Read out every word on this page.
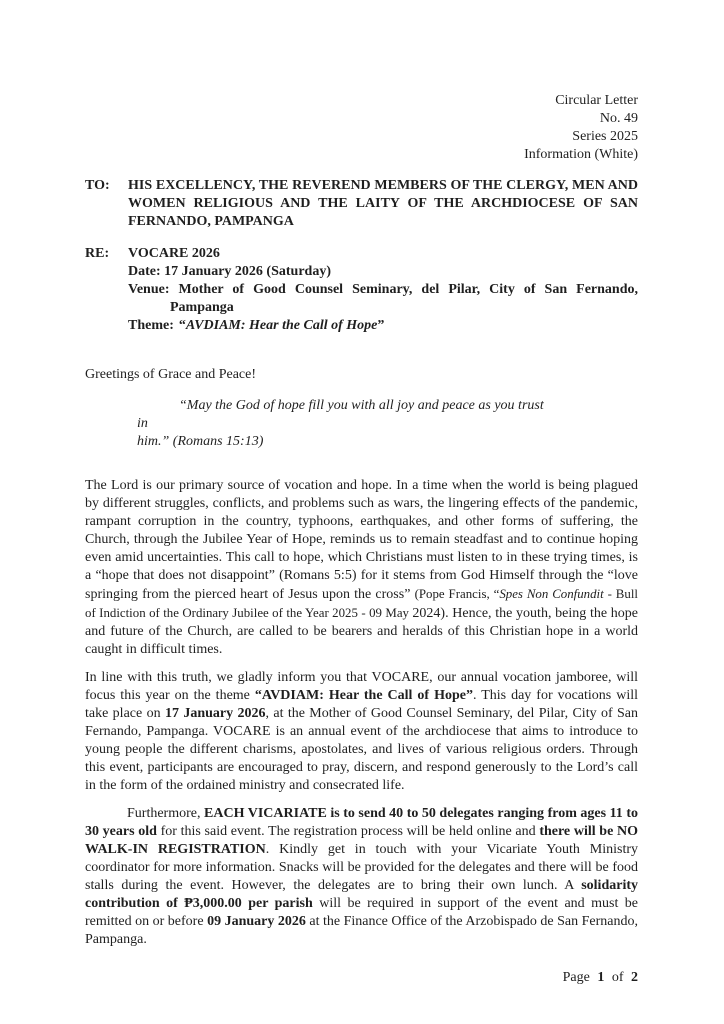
Circular Letter
No. 49
Series 2025
Information (White)
TO:	HIS EXCELLENCY, THE REVEREND MEMBERS OF THE CLERGY, MEN AND WOMEN RELIGIOUS AND THE LAITY OF THE ARCHDIOCESE OF SAN FERNANDO, PAMPANGA
RE:	VOCARE 2026
Date: 17 January 2026 (Saturday)
Venue: Mother of Good Counsel Seminary, del Pilar, City of San Fernando,
Pampanga
Theme: “AVDIAM: Hear the Call of Hope”
Greetings of Grace and Peace!
“May the God of hope fill you with all joy and peace as you trust in
him.” (Romans 15:13)

The Lord is our primary source of vocation and hope. In a time when the world is being plagued by different struggles, conflicts, and problems such as wars, the lingering effects of the pandemic, rampant corruption in the country, typhoons, earthquakes, and other forms of suffering, the Church, through the Jubilee Year of Hope, reminds us to remain steadfast and to continue hoping even amid uncertainties. This call to hope, which Christians must listen to in these trying times, is a “hope that does not disappoint” (Romans 5:5) for it stems from God Himself through the “love springing from the pierced heart of Jesus upon the cross” (Pope Francis, “Spes Non Confundit - Bull of Indiction of the Ordinary Jubilee of the Year 2025 - 09 May 2024). Hence, the youth, being the hope and future of the Church, are called to be bearers and heralds of this Christian hope in a world caught in difficult times.

In line with this truth, we gladly inform you that VOCARE, our annual vocation jamboree, will focus this year on the theme “AVDIAM: Hear the Call of Hope”. This day for vocations will take place on 17 January 2026, at the Mother of Good Counsel Seminary, del Pilar, City of San Fernando, Pampanga. VOCARE is an annual event of the archdiocese that aims to introduce to young people the different charisms, apostolates, and lives of various religious orders. Through this event, participants are encouraged to pray, discern, and respond generously to the Lord’s call in the form of the ordained ministry and consecrated life.

Furthermore, EACH VICARIATE is to send 40 to 50 delegates ranging from ages 11 to 30 years old for this said event. The registration process will be held online and there will be NO WALK-IN REGISTRATION. Kindly get in touch with your Vicariate Youth Ministry coordinator for more information. Snacks will be provided for the delegates and there will be food stalls during the event. However, the delegates are to bring their own lunch. A solidarity contribution of ₱3,000.00 per parish will be required in support of the event and must be remitted on or before 09 January 2026 at the Finance Office of the Arzobispado de San Fernando, Pampanga.

Page 1 of 2
